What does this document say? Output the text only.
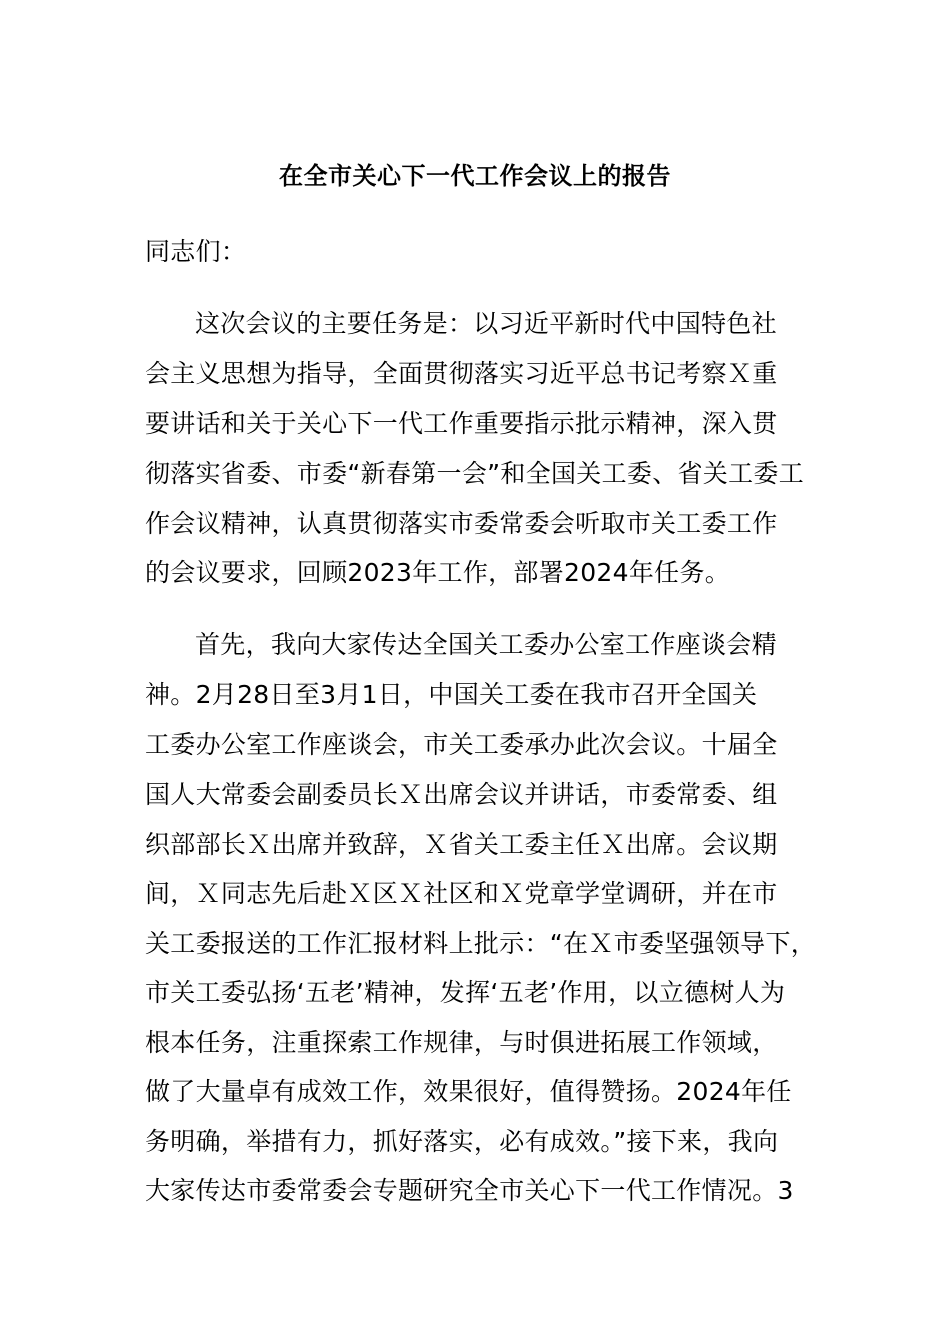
在全市关心下一代工作会议上的报告
同志们：
这次会议的主要任务是：以习近平新时代中国特色社
会主义思想为指导，全面贯彻落实习近平总书记考察Ｘ重
要讲话和关于关心下一代工作重要指示批示精神，深入贯
彻落实省委、市委“新春第一会”和全国关工委、省关工委工
作会议精神，认真贯彻落实市委常委会听取市关工委工作
的会议要求，回顾2023年工作，部署2024年任务。
首先，我向大家传达全国关工委办公室工作座谈会精
神。2月28日至3月1日，中国关工委在我市召开全国关
工委办公室工作座谈会，市关工委承办此次会议。十届全
国人大常委会副委员长Ｘ出席会议并讲话，市委常委、组
织部部长Ｘ出席并致辞，Ｘ省关工委主任Ｘ出席。会议期
间，Ｘ同志先后赴Ｘ区Ｘ社区和Ｘ党章学堂调研，并在市
关工委报送的工作汇报材料上批示：“在Ｘ市委坚强领导下，
市关工委弘扬‘五老’精神，发挥‘五老’作用，以立德树人为
根本任务，注重探索工作规律，与时俱进拓展工作领域，
做了大量卓有成效工作，效果很好，值得赞扬。2024年任
务明确，举措有力，抓好落实，必有成效。”接下来，我向
大家传达市委常委会专题研究全市关心下一代工作情况。3
